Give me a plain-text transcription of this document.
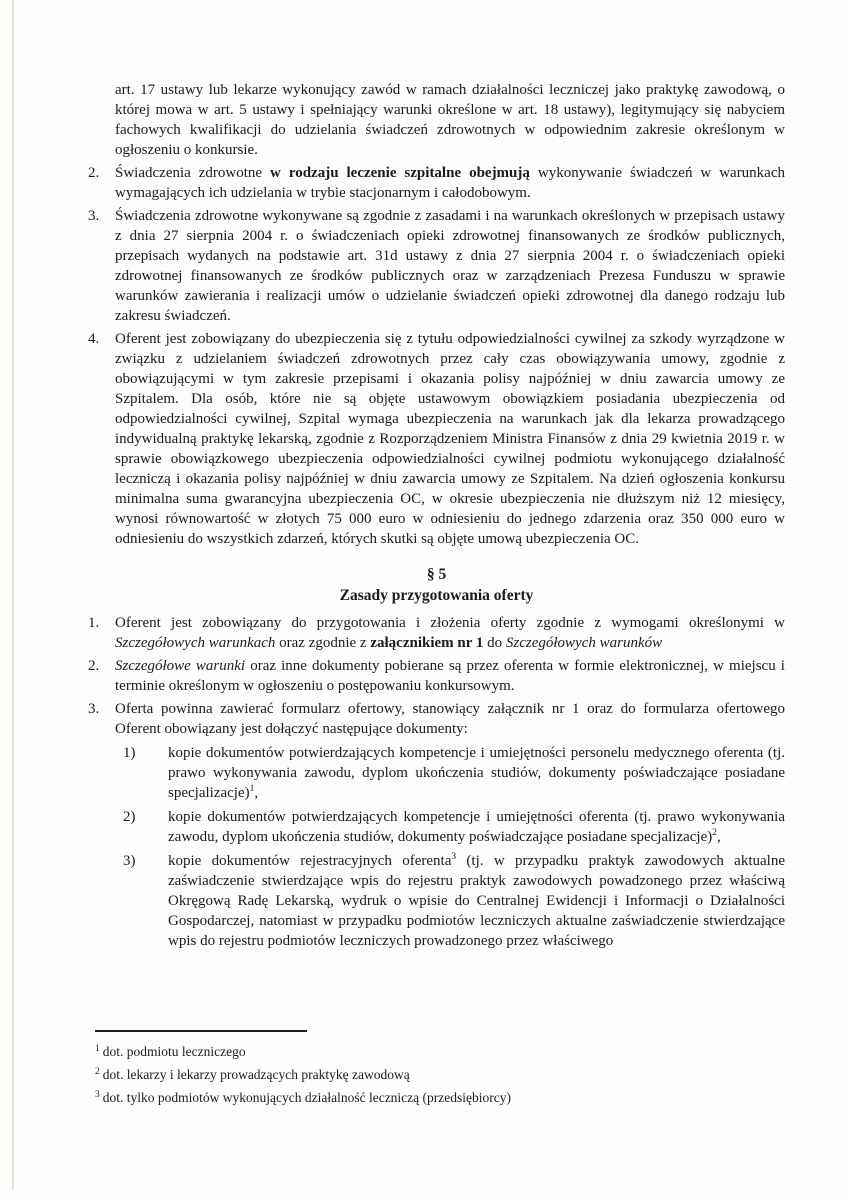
art. 17 ustawy lub lekarze wykonujący zawód w ramach działalności leczniczej jako praktykę zawodową, o której mowa w art. 5 ustawy i spełniający warunki określone w art. 18 ustawy), legitymujący się nabyciem fachowych kwalifikacji do udzielania świadczeń zdrowotnych w odpowiednim zakresie określonym w ogłoszeniu o konkursie.

2.	Świadczenia zdrowotne w rodzaju leczenie szpitalne obejmują wykonywanie świadczeń w warunkach wymagających ich udzielania w trybie stacjonarnym i całodobowym.

3.	Świadczenia zdrowotne wykonywane są zgodnie z zasadami i na warunkach określonych w przepisach ustawy z dnia 27 sierpnia 2004 r. o świadczeniach opieki zdrowotnej finansowanych ze środków publicznych, przepisach wydanych na podstawie art. 31d ustawy z dnia 27 sierpnia 2004 r. o świadczeniach opieki zdrowotnej finansowanych ze środków publicznych oraz w zarządzeniach Prezesa Funduszu w sprawie warunków zawierania i realizacji umów o udzielanie świadczeń opieki zdrowotnej dla danego rodzaju lub zakresu świadczeń.

4.	Oferent jest zobowiązany do ubezpieczenia się z tytułu odpowiedzialności cywilnej za szkody wyrządzone w związku z udzielaniem świadczeń zdrowotnych przez cały czas obowiązywania umowy, zgodnie z obowiązującymi w tym zakresie przepisami i okazania polisy najpóźniej w dniu zawarcia umowy ze Szpitalem. Dla osób, które nie są objęte ustawowym obowiązkiem posiadania ubezpieczenia od odpowiedzialności cywilnej, Szpital wymaga ubezpieczenia na warunkach jak dla lekarza prowadzącego indywidualną praktykę lekarską, zgodnie z Rozporządzeniem Ministra Finansów z dnia 29 kwietnia 2019 r. w sprawie obowiązkowego ubezpieczenia odpowiedzialności cywilnej podmiotu wykonującego działalność leczniczą i okazania polisy najpóźniej w dniu zawarcia umowy ze Szpitalem. Na dzień ogłoszenia konkursu minimalna suma gwarancyjna ubezpieczenia OC, w okresie ubezpieczenia nie dłuższym niż 12 miesięcy, wynosi równowartość w złotych 75 000 euro w odniesieniu do jednego zdarzenia oraz 350 000 euro w odniesieniu do wszystkich zdarzeń, których skutki są objęte umową ubezpieczenia OC.

§ 5
Zasady przygotowania oferty
1.	Oferent jest zobowiązany do przygotowania i złożenia oferty zgodnie z wymogami określonymi w Szczegółowych warunkach oraz zgodnie z załącznikiem nr 1 do Szczegółowych warunków

2.	Szczegółowe warunki oraz inne dokumenty pobierane są przez oferenta w formie elektronicznej, w miejscu i terminie określonym w ogłoszeniu o postępowaniu konkursowym.

3.	Oferta powinna zawierać formularz ofertowy, stanowiący załącznik nr 1 oraz do formularza ofertowego Oferent obowiązany jest dołączyć następujące dokumenty:

1)	kopie dokumentów potwierdzających kompetencje i umiejętności personelu medycznego oferenta (tj. prawo wykonywania zawodu, dyplom ukończenia studiów, dokumenty poświadczające posiadane specjalizacje)$^1$,

2)	kopie dokumentów potwierdzających kompetencje i umiejętności oferenta (tj. prawo wykonywania zawodu, dyplom ukończenia studiów, dokumenty poświadczające posiadane specjalizacje)$^2$,

3)	kopie dokumentów rejestracyjnych oferenta$^3$ (tj. w przypadku praktyk zawodowych aktualne zaświadczenie stwierdzające wpis do rejestru praktyk zawodowych powadzonego przez właściwą Okręgową Radę Lekarską, wydruk o wpisie do Centralnej Ewidencji i Informacji o Działalności Gospodarczej, natomiast w przypadku podmiotów leczniczych aktualne zaświadczenie stwierdzające wpis do rejestru podmiotów leczniczych prowadzonego przez właściwego

$^1$ dot. podmiotu leczniczego
$^2$ dot. lekarzy i lekarzy prowadzących praktykę zawodową
$^3$ dot. tylko podmiotów wykonujących działalność leczniczą (przedsiębiorcy)
